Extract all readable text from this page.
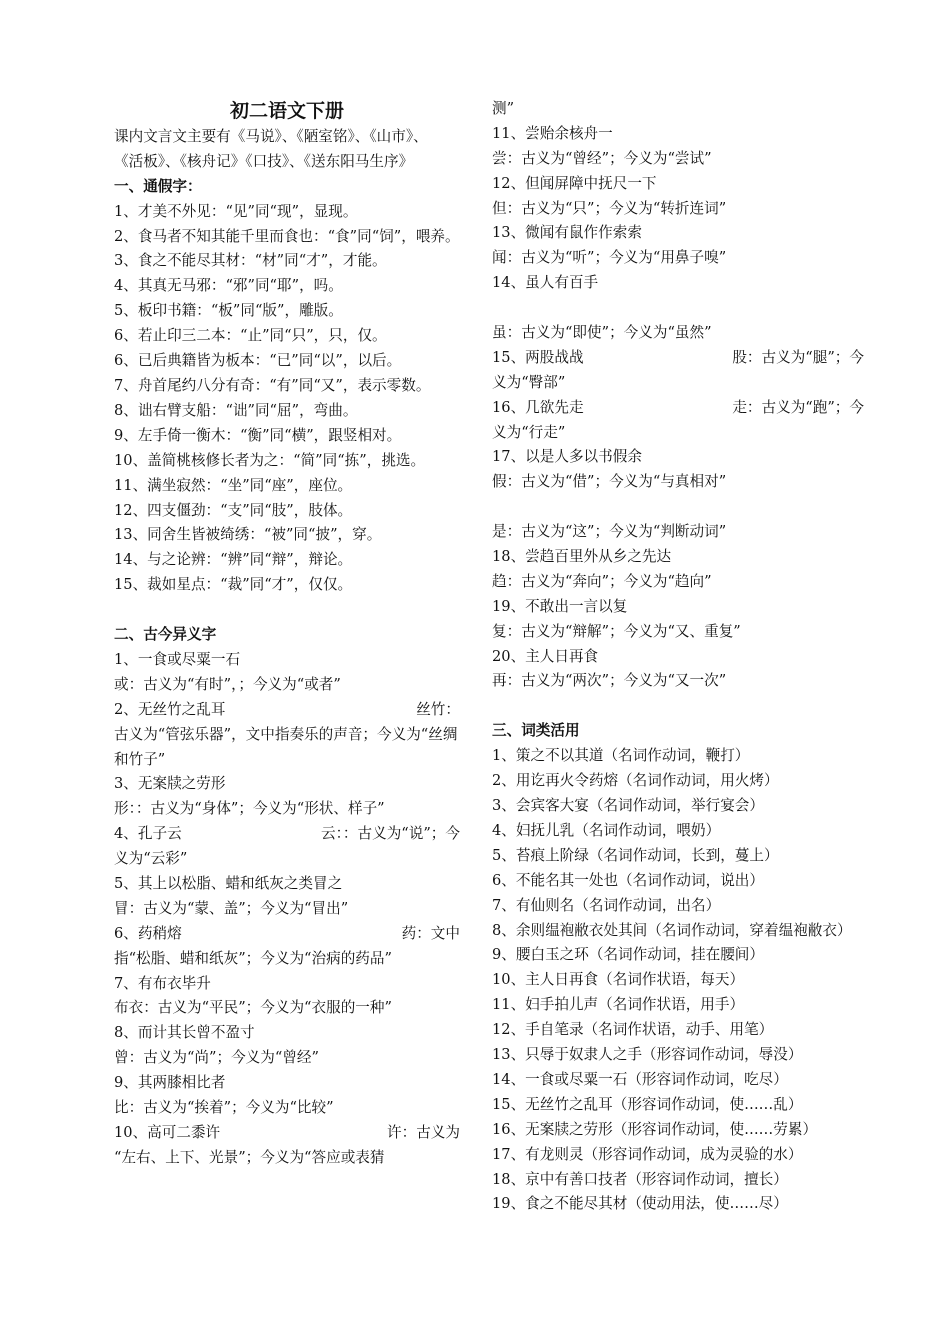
初二语文下册
课内文言文主要有《马说》、《陋室铭》、《山市》、
《活板》、《核舟记》《口技》、《送东阳马生序》
一、通假字：
1、才美不外见：“见”同“现”，显现。
2、食马者不知其能千里而食也：“食”同“饲”，喂养。
3、食之不能尽其材：“材”同“才”，才能。
4、其真无马邪：“邪”同“耶”，吗。
5、板印书籍：“板”同“版”，雕版。
6、若止印三二本：“止”同“只”，只，仅。
6、已后典籍皆为板本：“已”同“以”，以后。
7、舟首尾约八分有奇：“有”同“又”，表示零数。
8、诎右臂支船：“诎”同“屈”，弯曲。
9、左手倚一衡木：“衡”同“横”，跟竖相对。
10、盖简桃核修长者为之：“简”同“拣”，挑选。
11、满坐寂然：“坐”同“座”，座位。
12、四支僵劲：“支”同“肢”，肢体。
13、同舍生皆被绮绣：“被”同“披”，穿。
14、与之论辨：“辨”同“辩”，辩论。
15、裁如星点：“裁”同“才”，仅仅。
二、古今异义字
1、一食或尽粟一石
或：古义为“有时”，；今义为“或者”
2、无丝竹之乱耳	丝竹：
古义为“管弦乐器”，文中指奏乐的声音；今义为“丝绸和竹子”
3、无案牍之劳形
形：：古义为“身体”；今义为“形状、样子”
4、孔子云	云：：古义为“说”；今
义为“云彩”
5、其上以松脂、蜡和纸灰之类冒之
冒：古义为“蒙、盖”；今义为“冒出”
6、药稍熔	药：文中
指“松脂、蜡和纸灰”；今义为“治病的药品”
7、有布衣毕升
布衣：古义为“平民”；今义为“衣服的一种”
8、而计其长曾不盈寸
曾：古义为“尚”；今义为“曾经”
9、其两膝相比者
比：古义为“挨着”；今义为“比较”
10、高可二黍许	许：古义为
“左右、上下、光景”；今义为“答应或表猜
测”
11、尝贻余核舟一
尝：古义为“曾经”；今义为“尝试”
12、但闻屏障中抚尺一下
但：古义为“只”；今义为“转折连词”
13、微闻有鼠作作索索
闻：古义为“听”；今义为“用鼻子嗅”
14、虽人有百手
虽：古义为“即使”；今义为“虽然”
15、两股战战	股：古义为“腿”；今
义为“臀部”
16、几欲先走	走：古义为“跑”；今
义为“行走”
17、以是人多以书假余
假：古义为“借”；今义为“与真相对”
是：古义为“这”；今义为“判断动词”
18、尝趋百里外从乡之先达
趋：古义为“奔向”；今义为“趋向”
19、不敢出一言以复
复：古义为“辩解”；今义为“又、重复”
20、主人日再食
再：古义为“两次”；今义为“又一次”
三、词类活用
1、策之不以其道（名词作动词，鞭打）
2、用讫再火令药熔（名词作动词，用火烤）
3、会宾客大宴（名词作动词，举行宴会）
4、妇抚儿乳（名词作动词，喂奶）
5、苔痕上阶绿（名词作动词，长到，蔓上）
6、不能名其一处也（名词作动词，说出）
7、有仙则名（名词作动词，出名）
8、余则缊袍敝衣处其间（名词作动词，穿着缊袍敝衣）
9、腰白玉之环（名词作动词，挂在腰间）
10、主人日再食（名词作状语，每天）
11、妇手拍儿声（名词作状语，用手）
12、手自笔录（名词作状语，动手、用笔）
13、只辱于奴隶人之手（形容词作动词，辱没）
14、一食或尽粟一石（形容词作动词，吃尽）
15、无丝竹之乱耳（形容词作动词，使……乱）
16、无案牍之劳形（形容词作动词，使……劳累）
17、有龙则灵（形容词作动词，成为灵验的水）
18、京中有善口技者（形容词作动词，擅长）
19、食之不能尽其材（使动用法，使……尽）
